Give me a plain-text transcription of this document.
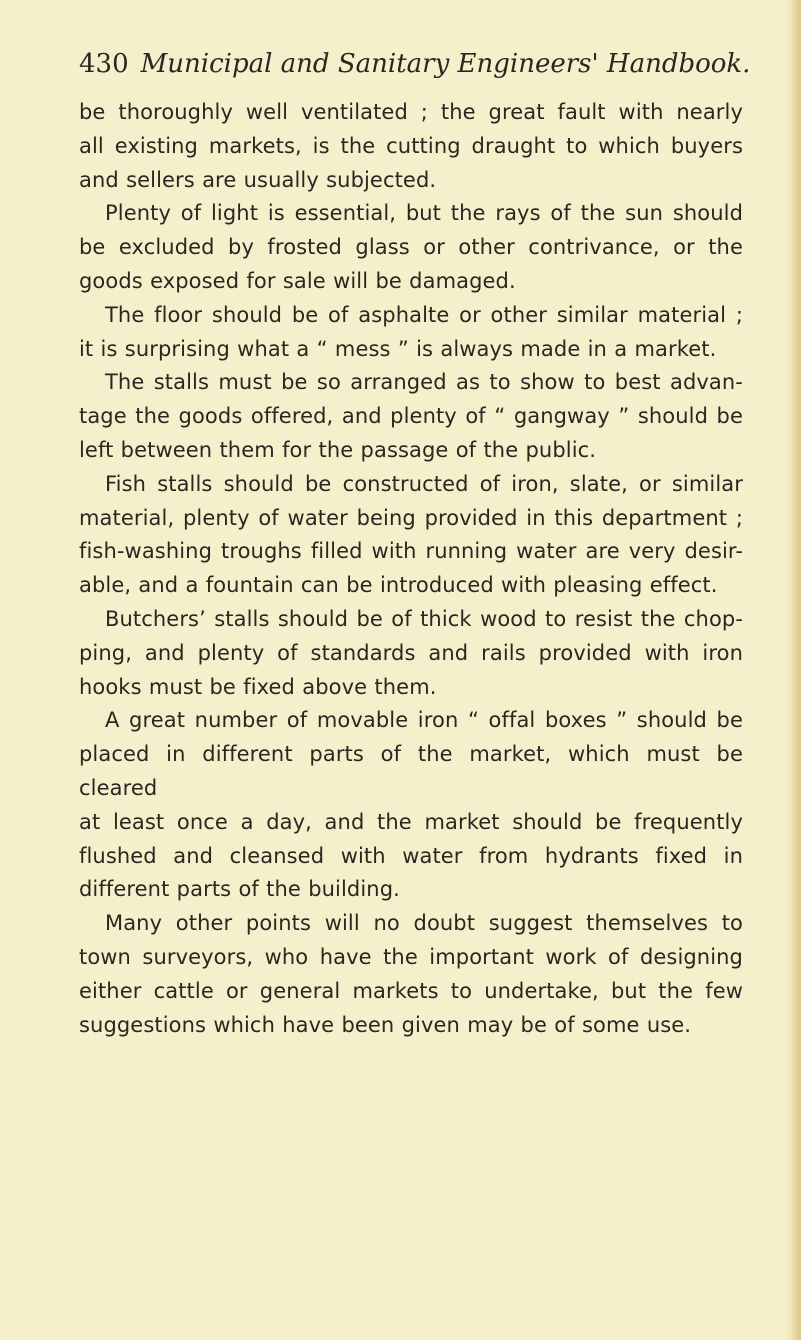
430 Municipal and Sanitary Engineers' Handbook.
be thoroughly well ventilated ; the great fault with nearly
all existing markets, is the cutting draught to which buyers
and sellers are usually subjected.
Plenty of light is essential, but the rays of the sun should
be excluded by frosted glass or other contrivance, or the
goods exposed for sale will be damaged.
The floor should be of asphalte or other similar material ;
it is surprising what a “ mess ” is always made in a market.
The stalls must be so arranged as to show to best advan-
tage the goods offered, and plenty of “ gangway ” should be
left between them for the passage of the public.
Fish stalls should be constructed of iron, slate, or similar
material, plenty of water being provided in this department ;
fish-washing troughs filled with running water are very desir-
able, and a fountain can be introduced with pleasing effect.
Butchers’ stalls should be of thick wood to resist the chop-
ping, and plenty of standards and rails provided with iron
hooks must be fixed above them.
A great number of movable iron “ offal boxes ” should be
placed in different parts of the market, which must be cleared
at least once a day, and the market should be frequently
flushed and cleansed with water from hydrants fixed in
different parts of the building.
Many other points will no doubt suggest themselves to
town surveyors, who have the important work of designing
either cattle or general markets to undertake, but the few
suggestions which have been given may be of some use.
